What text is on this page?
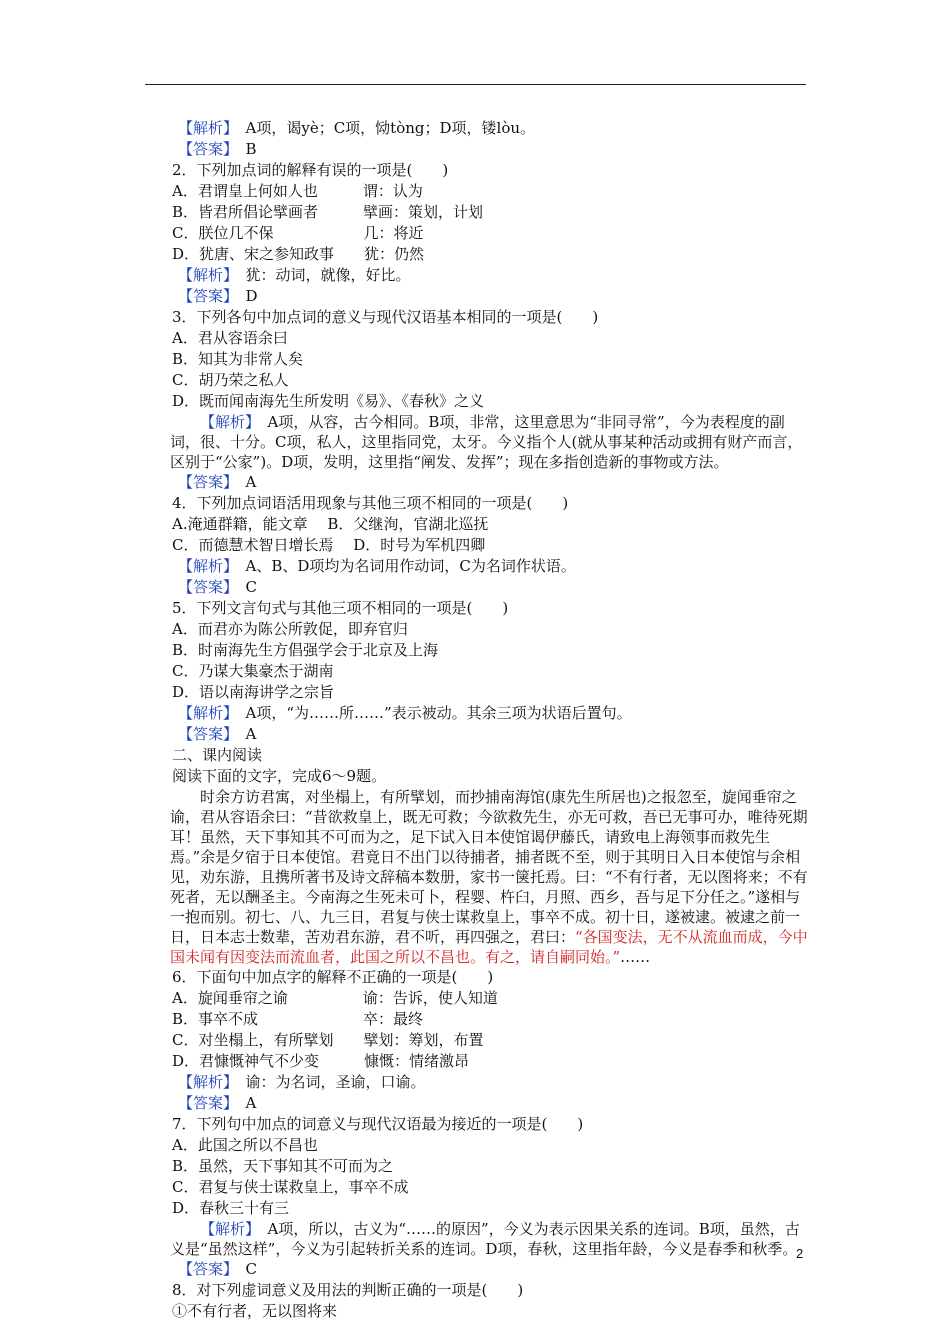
【解析】　A项，谒yè；C项，恸tòng；D项，镂lòu。
【答案】　B
2．下列加点词的解释有误的一项是(　　)
A．君谓皇上何如人也　　　谓：认为
B．皆君所倡论擘画者　　　擘画：策划，计划
C．朕位几不保　　　　　　几：将近
D．犹唐、宋之参知政事　　犹：仍然
【解析】　犹：动词，就像，好比。
【答案】　D
3．下列各句中加点词的意义与现代汉语基本相同的一项是(　　)
A．君从容语余曰
B．知其为非常人矣
C．胡乃荣之私人
D．既而闻南海先生所发明《易》、《春秋》之义
【解析】　A项，从容，古今相同。B项，非常，这里意思为“非同寻常”，今为表程度的副词，很、十分。C项，私人，这里指同党，太牙。今义指个人(就从事某种活动或拥有财产而言，区别于“公家”)。D项，发明，这里指“阐发、发挥”；现在多指创造新的事物或方法。
【答案】　A
4．下列加点词语活用现象与其他三项不相同的一项是(　　)
A.淹通群籍，能文章　 B．父继洵，官湖北巡抚
C．而德慧术智日增长焉　 D．时号为军机四卿
【解析】　A、B、D项均为名词用作动词，C为名词作状语。
【答案】　C
5．下列文言句式与其他三项不相同的一项是(　　)
A．而君亦为陈公所敦促，即弃官归
B．时南海先生方倡强学会于北京及上海
C．乃谋大集豪杰于湖南
D．语以南海讲学之宗旨
【解析】　A项，“为……所……”表示被动。其余三项为状语后置句。
【答案】　A
二、课内阅读
阅读下面的文字，完成6～9题。
时余方访君寓，对坐榻上，有所擘划，而抄捕南海馆(康先生所居也)之报忽至，旋闻垂帘之谕，君从容语余曰：“昔欲救皇上，既无可救；今欲救先生，亦无可救，吾已无事可办，唯待死期耳！虽然，天下事知其不可而为之，足下试入日本使馆谒伊藤氏，请致电上海领事而救先生焉。”余是夕宿于日本使馆。君竟日不出门以待捕者，捕者既不至，则于其明日入日本使馆与余相见，劝东游，且携所著书及诗文辞稿本数册，家书一箧托焉。曰：“不有行者，无以图将来；不有死者，无以酬圣主。今南海之生死未可卜，程婴、杵臼，月照、西乡，吾与足下分任之。”遂相与一抱而别。初七、八、九三日，君复与侠士谋救皇上，事卒不成。初十日，遂被逮。被逮之前一日，日本志士数辈，苦劝君东游，君不听，再四强之，君曰：“各国变法，无不从流血而成，今中国未闻有因变法而流血者，此国之所以不昌也。有之，请自嗣同始。”……
6．下面句中加点字的解释不正确的一项是(　　)
A．旋闻垂帘之谕　　　　　谕：告诉，使人知道
B．事卒不成　　　　　　　卒：最终
C．对坐榻上，有所擘划　　擘划：筹划，布置
D．君慷慨神气不少变　　　慷慨：情绪激昂
【解析】　谕：为名词，圣谕，口谕。
【答案】　A
7．下列句中加点的词意义与现代汉语最为接近的一项是(　　)
A．此国之所以不昌也
B．虽然，天下事知其不可而为之
C．君复与侠士谋救皇上，事卒不成
D．春秋三十有三
【解析】　A项，所以，古义为“……的原因”，今义为表示因果关系的连词。B项，虽然，古义是“虽然这样”，今义为引起转折关系的连词。D项，春秋，这里指年龄，今义是春季和秋季。
【答案】　C
8．对下列虚词意义及用法的判断正确的一项是(　　)
①不有行者，无以图将来
2
